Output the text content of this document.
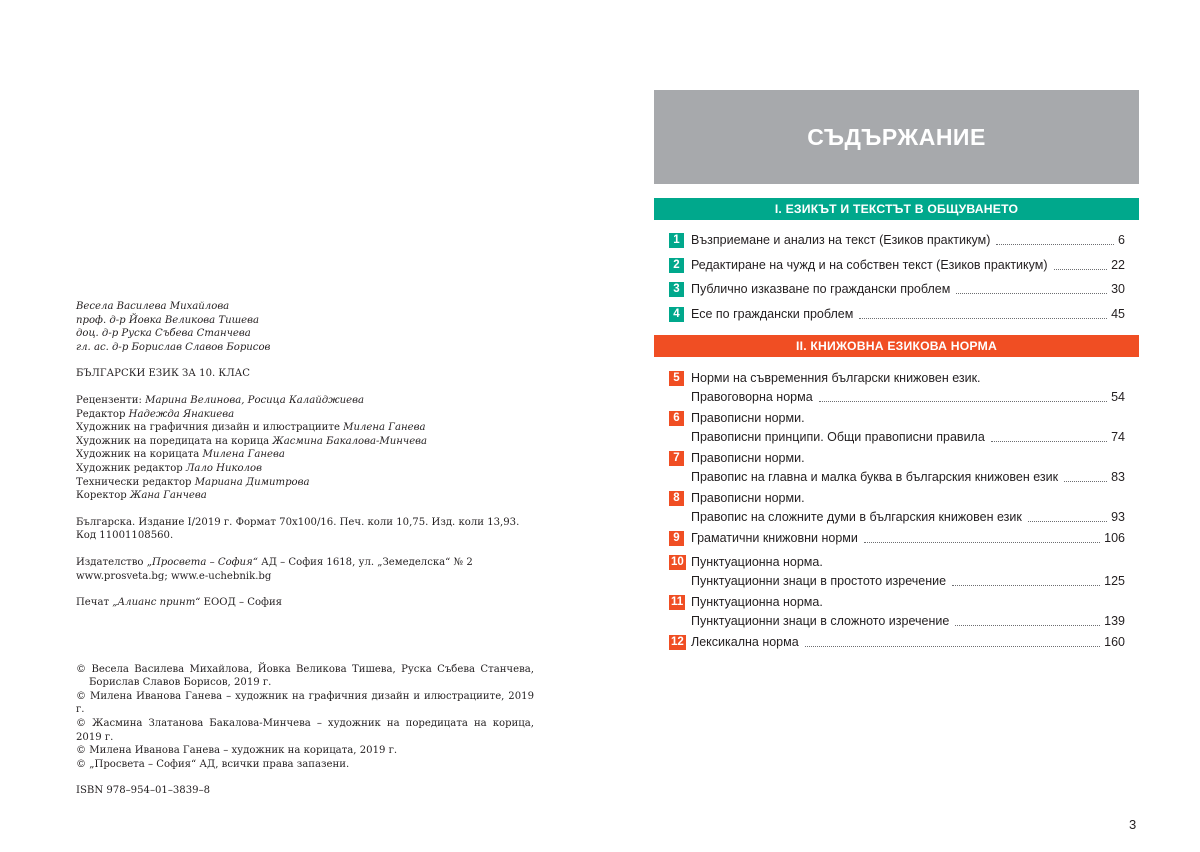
Весела Василева Михайлова
проф. д-р Йовка Великова Тишева
доц. д-р Руска Събева Станчева
гл. ас. д-р Борислав Славов Борисов
БЪЛГАРСКИ ЕЗИК ЗА 10. КЛАС
Рецензенти: Марина Велинова, Росица Калайджиева
Редактор Надежда Янакиева
Художник на графичния дизайн и илюстрациите Милена Ганева
Художник на поредицата на корица Жасмина Бакалова-Минчева
Художник на корицата Милена Ганева
Художник редактор Лало Николов
Технически редактор Мариана Димитрова
Коректор Жана Ганчева
Българска. Издание I/2019 г. Формат 70x100/16. Печ. коли 10,75. Изд. коли 13,93.
Код 11001108560.
Издателство „Просвета – София“ АД – София 1618, ул. „Земеделска“ № 2
www.prosveta.bg; www.e-uchebnik.bg
Печат „Алианс принт“ ЕООД – София
© Весела Василева Михайлова, Йовка Великова Тишева, Руска Събева Станчева,
Борислав Славов Борисов, 2019 г.
© Милена Иванова Ганева – художник на графичния дизайн и илюстрациите, 2019 г.
© Жасмина Златанова Бакалова-Минчева – художник на поредицата на корица, 2019 г.
© Милена Иванова Ганева – художник на корицата, 2019 г.
© „Просвета – София“ АД, всички права запазени.
ISBN 978–954–01–3839–8
СЪДЪРЖАНИЕ
I. ЕЗИКЪТ И ТЕКСТЪТ В ОБЩУВАНЕТО
1 Възприемане и анализ на текст (Езиков практикум)	6
2 Редактиране на чужд и на собствен текст (Езиков практикум)	22
3 Публично изказване по граждански проблем	30
4 Есе по граждански проблем	45
II. КНИЖОВНА ЕЗИКОВА НОРМА
5 Норми на съвременния български книжовен език.
Правоговорна норма	54
6 Правописни норми.
Правописни принципи. Общи правописни правила	74
7 Правописни норми.
Правопис на главна и малка буква в българския книжовен език	83
8 Правописни норми.
Правопис на сложните думи в българския книжовен език	93
9 Граматични книжовни норми	106
10 Пунктуационна норма.
Пунктуационни знаци в простото изречение	125
11 Пунктуационна норма.
Пунктуационни знаци в сложното изречение	139
12 Лексикална норма	160
3
